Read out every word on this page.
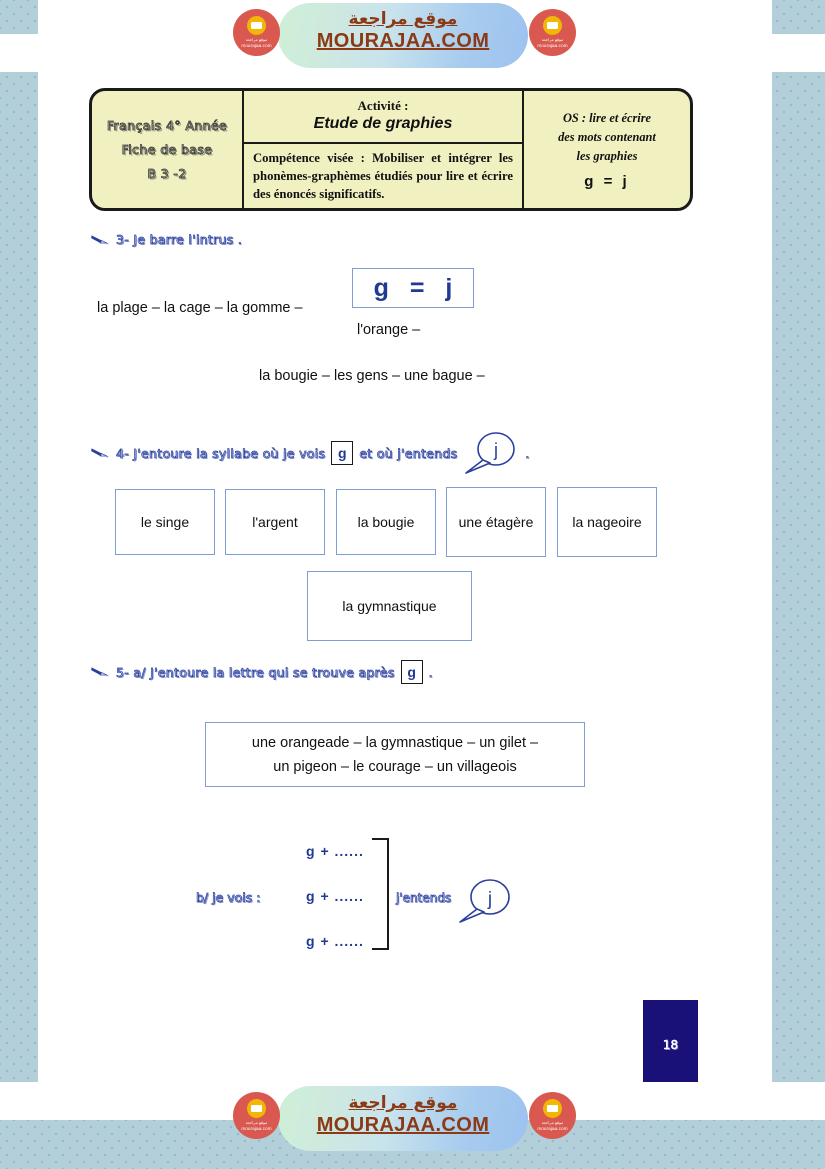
موقع مراجعة
mourajaa.com
موقع مراجعة
MOURAJAA.COM	موقع مراجعة
mourajaa.com
Français 4° Année
Fiche de base
B 3 -2
Activité :
Etude de graphies
Compétence visée : Mobiliser et intégrer les phonèmes-graphèmes étudiés pour lire et écrire des énoncés significatifs.
OS : lire et écrire
des mots contenant
les graphies
g = j
3- Je barre l'intrus .
g = j
la plage – la cage – la gomme –
l'orange –
la bougie – les gens – une bague –
4- J'entoure la syllabe où je vois g	et où j'entends j .
le singe	l'argent	la bougie	une étagère	la nageoire
la gymnastique
5- a/ J'entoure la lettre qui se trouve après g	.
une orangeade – la gymnastique – un gilet –
un pigeon – le courage – un villageois
b/ je vois :
g + ......
g + ......
g + ......
j'entends j
18
موقع مراجعة
mourajaa.com
موقع مراجعة
MOURAJAA.COM	موقع مراجعة
mourajaa.com
